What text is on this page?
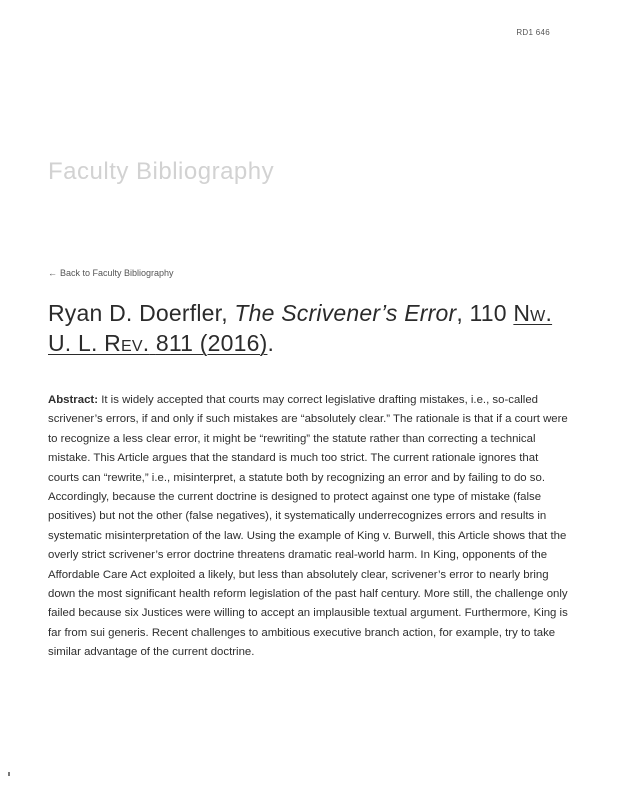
RD1 646
Faculty Bibliography
← Back to Faculty Bibliography
Ryan D. Doerfler, The Scrivener’s Error, 110 Nw. U. L. Rev. 811 (2016).

Abstract: It is widely accepted that courts may correct legislative drafting mistakes, i.e., so-called scrivener’s errors, if and only if such mistakes are “absolutely clear.” The rationale is that if a court were to recognize a less clear error, it might be “rewriting” the statute rather than correcting a technical mistake. This Article argues that the standard is much too strict. The current rationale ignores that courts can “rewrite,” i.e., misinterpret, a statute both by recognizing an error and by failing to do so. Accordingly, because the current doctrine is designed to protect against one type of mistake (false positives) but not the other (false negatives), it systematically underrecognizes errors and results in systematic misinterpretation of the law. Using the example of King v. Burwell, this Article shows that the overly strict scrivener’s error doctrine threatens dramatic real-world harm. In King, opponents of the Affordable Care Act exploited a likely, but less than absolutely clear, scrivener’s error to nearly bring down the most significant health reform legislation of the past half century. More still, the challenge only failed because six Justices were willing to accept an implausible textual argument. Furthermore, King is far from sui generis. Recent challenges to ambitious executive branch action, for example, try to take similar advantage of the current doctrine.
